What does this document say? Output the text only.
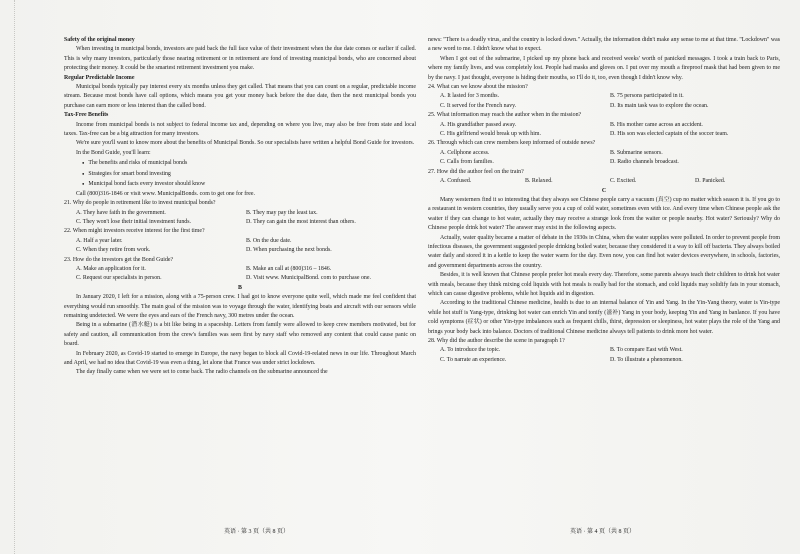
Safety of the original money

When investing in municipal bonds, investors are paid back the full face value of their investment when the due date comes or earlier if called. This is why many investors, particularly those nearing retirement or in retirement are fond of investing municipal bonds, who are concerned about protecting their money. It could be the smartest retirement investment you make.

Regular Predictable Income

Municipal bonds typically pay interest every six months unless they get called. That means that you can count on a regular, predictable income stream. Because most bonds have call options, which means you get your money back before the due date, then the next municipal bonds you purchase can earn more or less interest than the called bond.

Tax-Free Benefits

Income from municipal bonds is not subject to federal income tax and, depending on where you live, may also be free from state and local taxes. Tax-free can be a big attraction for many investors.

We're sure you'll want to know more about the benefits of Municipal Bonds. So our specialists have written a helpful Bond Guide for investors.

In the Bond Guide, you'll learn:

● The benefits and risks of municipal bonds

● Strategies for smart bond investing

● Municipal bond facts every investor should know

Call (800)316-1846 or visit www. MunicipalBonds. com to get one for free.

21. Why do people in retirement like to invest municipal bonds?

A. They have faith in the government.	B. They may pay the least tax.
C. They won't lose their initial investment funds.	D. They can gain the most interest than others.

22. When might investors receive interest for the first time?

A. Half a year later.	B. On the due date.
C. When they retire from work.	D. When purchasing the next bonds.

23. How do the investors get the Bond Guide?

A. Make an application for it.	B. Make an call at (800)316 – 1846.
C. Request our specialists in person.	D. Visit www. MunicipalBond. com to purchase one.

B

In January 2020, I left for a mission, along with a 75-person crew. I had got to know everyone quite well, which made me feel confident that everything would run smoothly. The main goal of the mission was to voyage through the water, identifying boats and aircraft with our sensors while remaining undetected. We were the eyes and ears of the French navy, 300 metres under the ocean.

Being in a submarine (潜水艇) is a bit like being in a spaceship. Letters from family were allowed to keep crew members motivated, but for safety and caution, all communication from the crew's families was seen first by navy staff who removed any content that could cause panic on board.

In February 2020, as Covid-19 started to emerge in Europe, the navy began to block all Covid-19-related news in our life. Throughout March and April, we had no idea that Covid-19 was even a thing, let alone that France was under strict lockdown.

The day finally came when we were set to come back. The radio channels on the submarine announced the

英语 · 第 3 页（共 8 页）

news: "There is a deadly virus, and the country is locked down." Actually, the information didn't make any sense to me at that time. "Lockdown" was a new word to me. I didn't know what to expect.

When I got out of the submarine, I picked up my phone back and received weeks' worth of panicked messages. I took a train back to Paris, where my family lives, and was completely lost. People had masks and gloves on. I put over my mouth a fireproof mask that had been given to me by the navy. I just thought, everyone is hiding their mouths, so I'll do it, too, even though I didn't know why.

24. What can we know about the mission?

A. It lasted for 3 months.	B. 75 persons participated in it.
C. It served for the French navy.	D. Its main task was to explore the ocean.

25. What information may reach the author when in the mission?

A. His grandfather passed away.	B. His mother came across an accident.
C. His girlfriend would break up with him.	D. His son was elected captain of the soccer team.

26. Through which can crew members keep informed of outside news?

A. Cellphone access.	B. Submarine sensors.
C. Calls from families.	D. Radio channels broadcast.

27. How did the author feel on the train?

A. Confused.	B. Relaxed.	C. Excited.	D. Panicked.

C

Many westerners find it so interesting that they always see Chinese people carry a vacuum (真空) cup no matter which season it is. If you go to a restaurant in western countries, they usually serve you a cup of cold water, sometimes even with ice. And every time when Chinese people ask the waiter if they can change to hot water, actually they may receive a strange look from the waiter or people nearby. Hot water? Seriously? Why do Chinese people drink hot water? The answer may exist in the following aspects.

Actually, water quality became a matter of debate in the 1930s in China, when the water supplies were polluted. In order to prevent people from infectious diseases, the government suggested people drinking boiled water, because they considered it a way to kill off bacteria. They always boiled water daily and stored it in a kettle to keep the water warm for the day. Even now, you can find hot water devices everywhere, in schools, factories, and government departments across the country.

Besides, it is well known that Chinese people prefer hot meals every day. Therefore, some parents always teach their children to drink hot water with meals, because they think mixing cold liquids with hot meals is really bad for the stomach, and cold liquids may solidify fats in your stomach, which can cause digestive problems, while hot liquids aid in digestion.

According to the traditional Chinese medicine, health is due to an internal balance of Yin and Yang. In the Yin-Yang theory, water is Yin-type while hot stuff is Yang-type, drinking hot water can enrich Yin and tonify (滋补) Yang in your body, keeping Yin and Yang in banlance. If you have cold symptoms (症状) or other Yin-type imbalances such as frequent chills, thirst, depression or sleepiness, hot water plays the role of the Yang and brings your body back into balance. Doctors of traditional Chinese medicine always tell patients to drink more hot water.

28. Why did the author describe the scene in paragraph 1?

A. To introduce the topic.	B. To compare East with West.
C. To narrate an experience.	D. To illustrate a phenomenon.
英语 · 第 4 页（共 8 页）
